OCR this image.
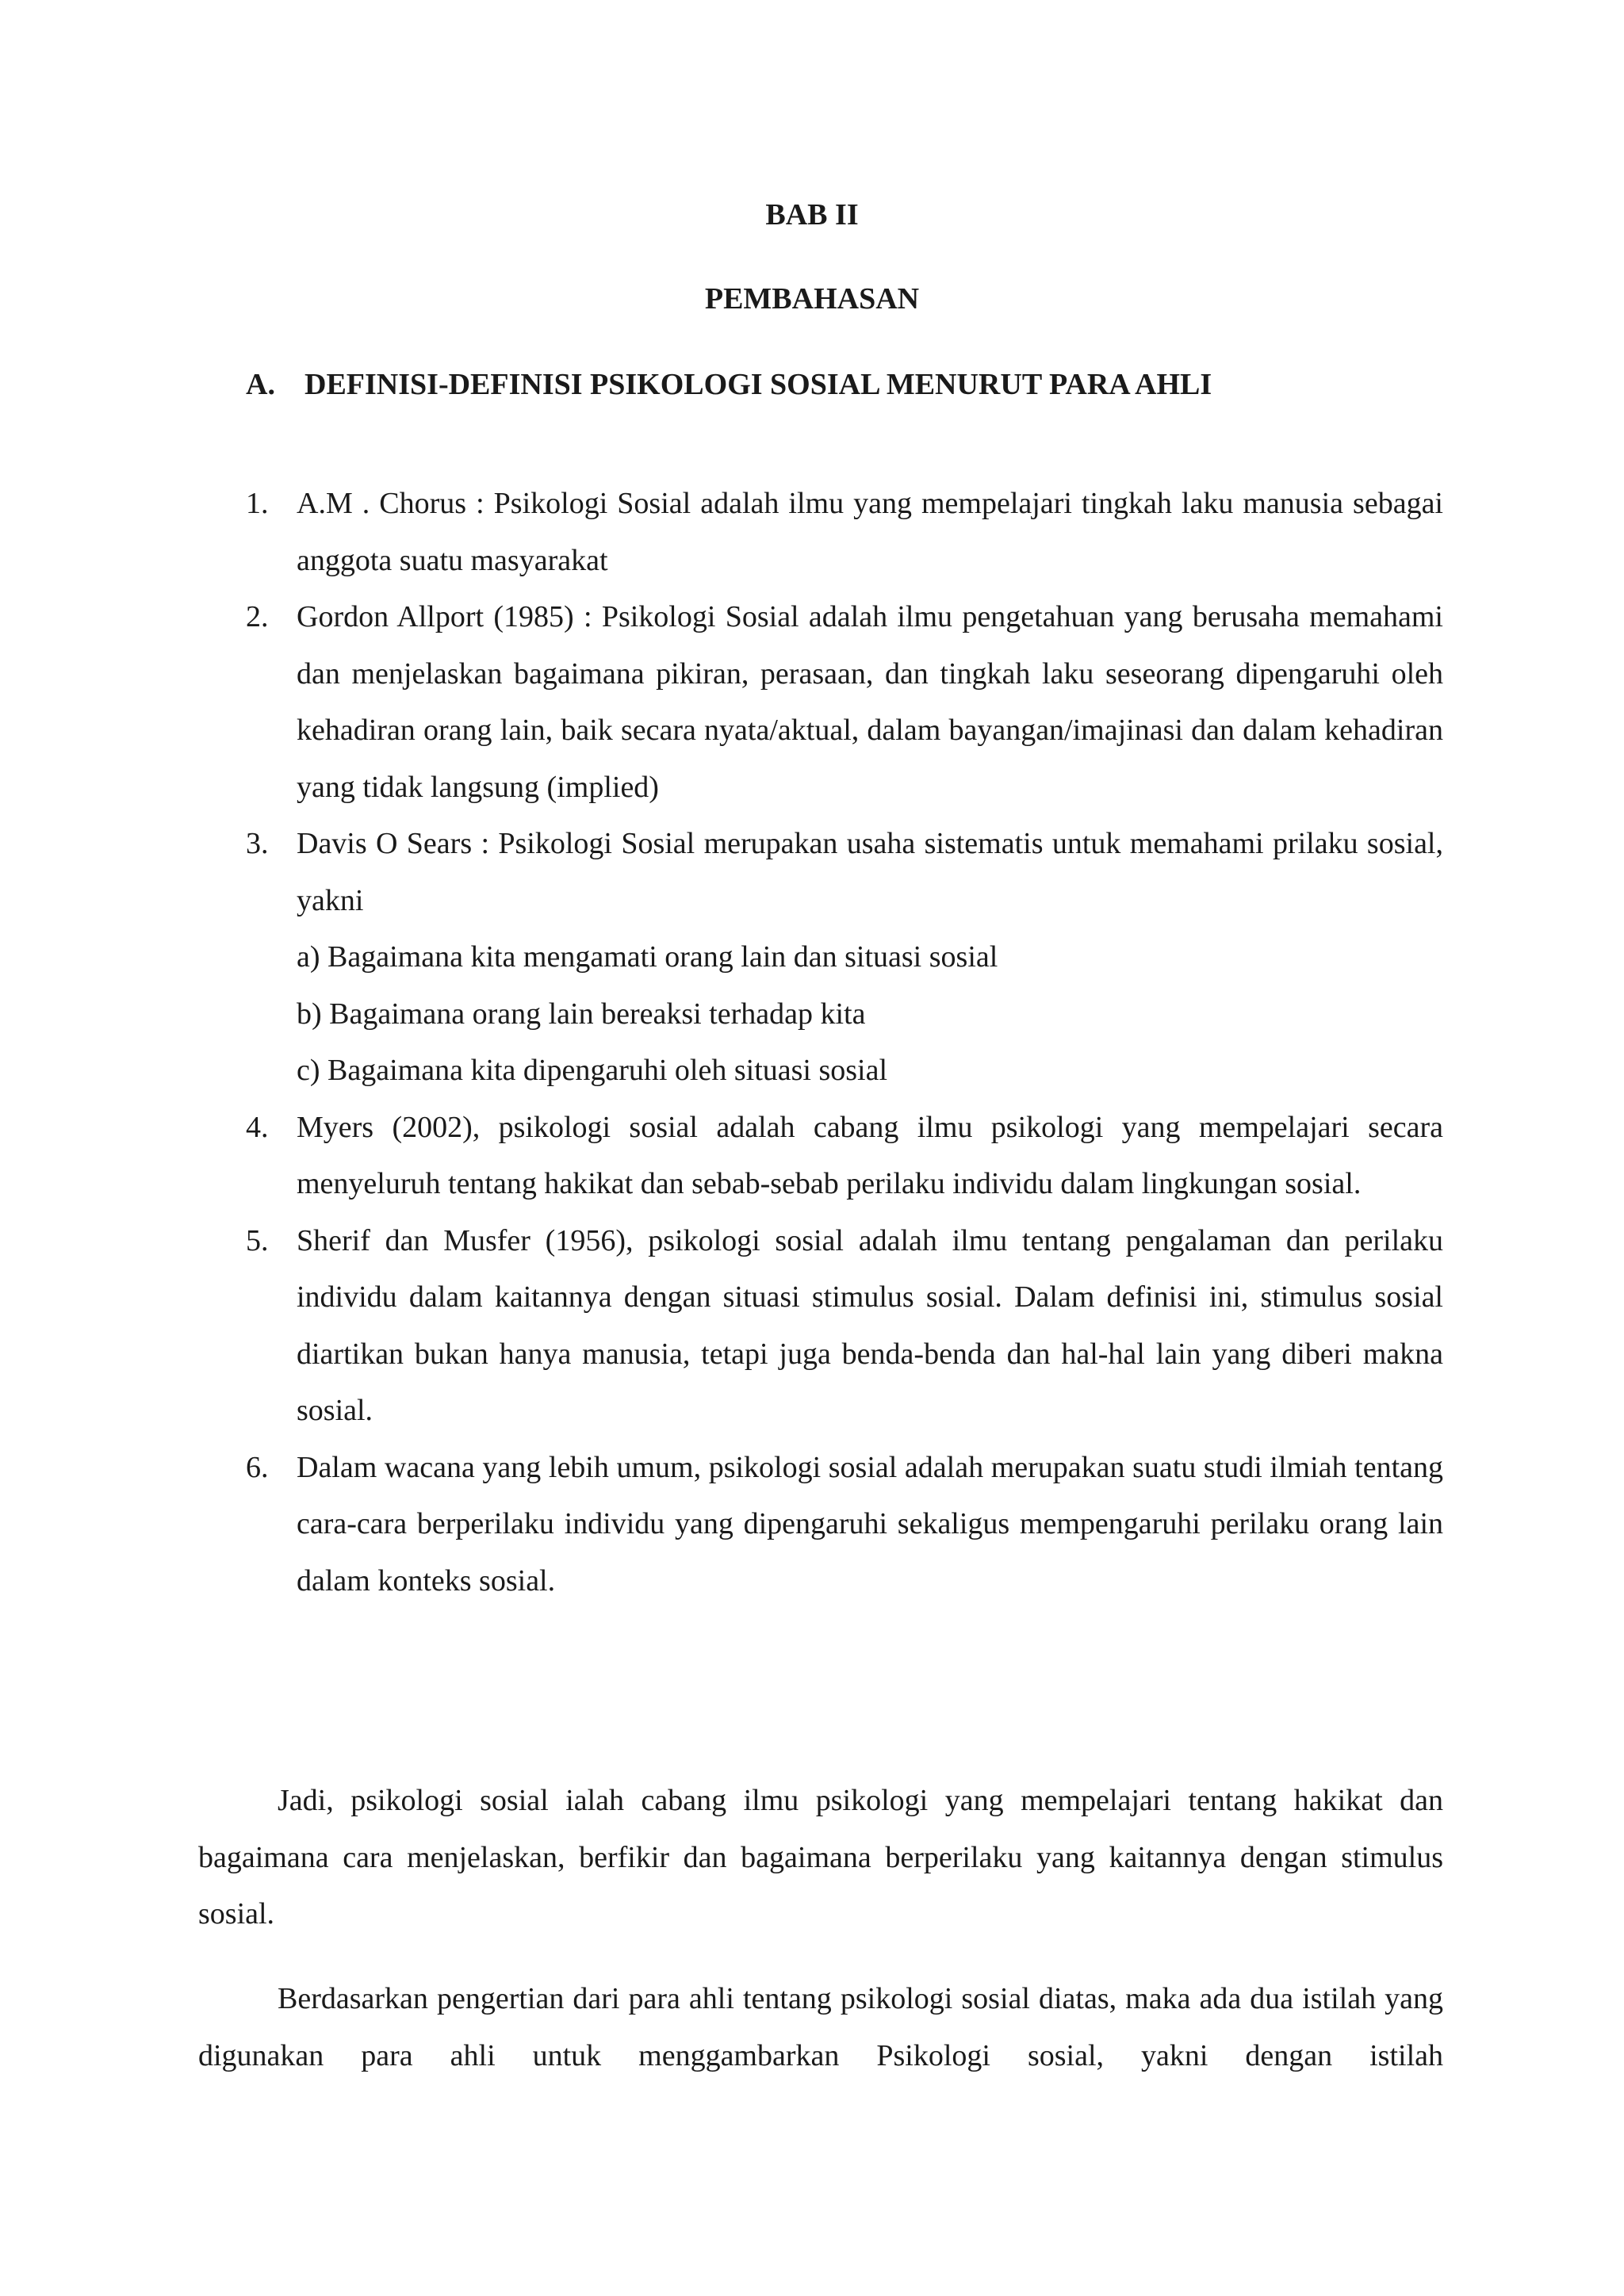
BAB II
PEMBAHASAN
A. DEFINISI-DEFINISI PSIKOLOGI SOSIAL MENURUT PARA AHLI
1. A.M . Chorus : Psikologi Sosial adalah ilmu yang mempelajari tingkah laku manusia sebagai anggota suatu masyarakat
2. Gordon Allport (1985) : Psikologi Sosial adalah ilmu pengetahuan yang berusaha memahami dan menjelaskan bagaimana pikiran, perasaan, dan tingkah laku seseorang dipengaruhi oleh kehadiran orang lain, baik secara nyata/aktual, dalam bayangan/imajinasi dan dalam kehadiran yang tidak langsung (implied)
3. Davis O Sears : Psikologi Sosial merupakan usaha sistematis untuk memahami prilaku sosial, yakni
a) Bagaimana kita mengamati orang lain dan situasi sosial
b) Bagaimana orang lain bereaksi terhadap kita
c) Bagaimana kita dipengaruhi oleh situasi sosial
4. Myers (2002), psikologi sosial adalah cabang ilmu psikologi yang mempelajari secara menyeluruh tentang hakikat dan sebab-sebab perilaku individu dalam lingkungan sosial.
5. Sherif dan Musfer (1956), psikologi sosial adalah ilmu tentang pengalaman dan perilaku individu dalam kaitannya dengan situasi stimulus sosial. Dalam definisi ini, stimulus sosial diartikan bukan hanya manusia, tetapi juga benda-benda dan hal-hal lain yang diberi makna sosial.
6. Dalam wacana yang lebih umum, psikologi sosial adalah merupakan suatu studi ilmiah tentang cara-cara berperilaku individu yang dipengaruhi sekaligus mempengaruhi perilaku orang lain dalam konteks sosial.

Jadi, psikologi sosial ialah cabang ilmu psikologi yang mempelajari tentang hakikat dan bagaimana cara menjelaskan, berfikir dan bagaimana berperilaku yang kaitannya dengan stimulus sosial.

Berdasarkan pengertian dari para ahli tentang psikologi sosial diatas, maka ada dua istilah yang digunakan para ahli untuk menggambarkan Psikologi sosial, yakni dengan istilah
